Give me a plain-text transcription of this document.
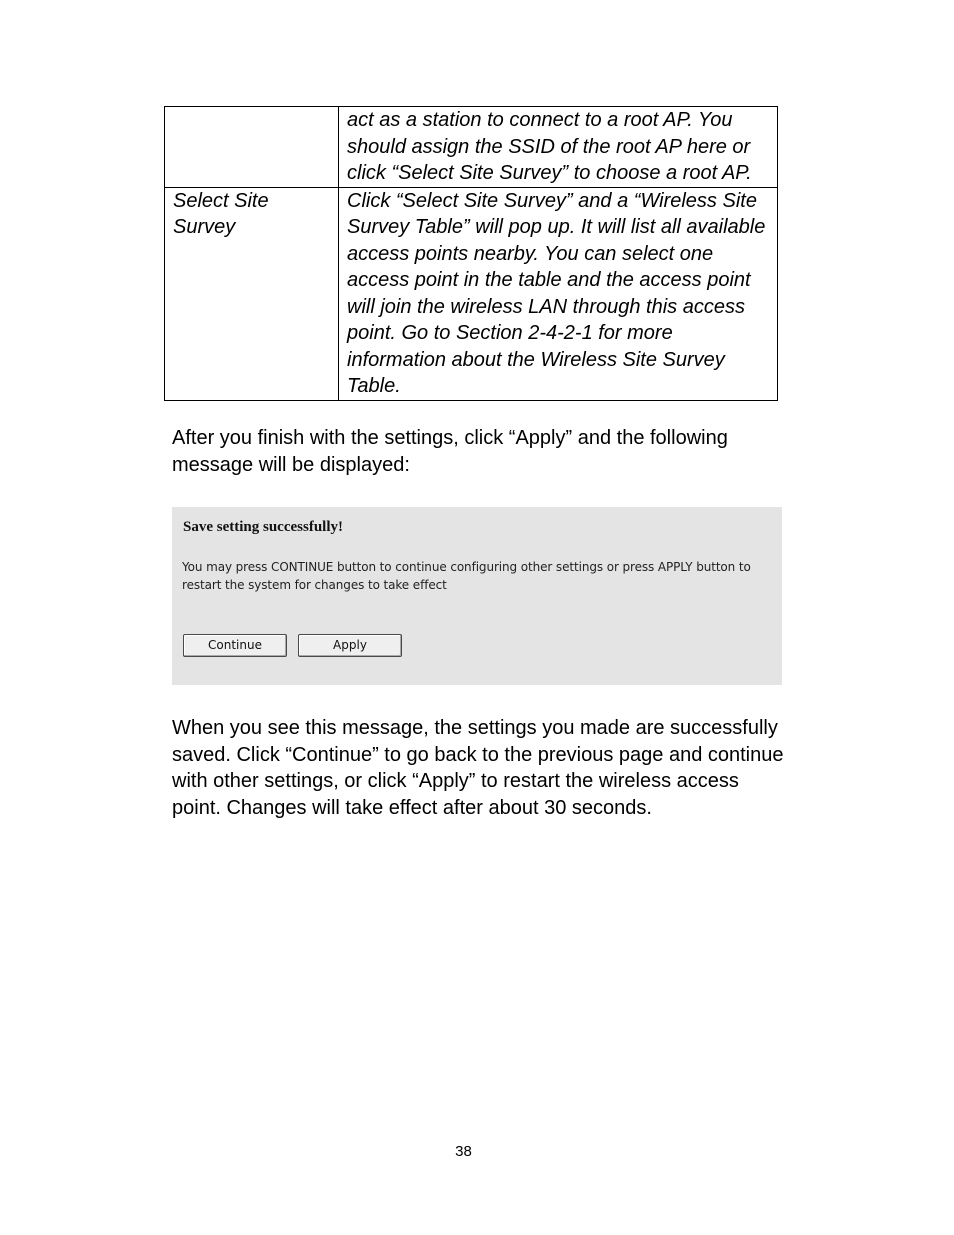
	act as a station to connect to a root AP. You should assign the SSID of the root AP here or click “Select Site Survey” to choose a root AP.
Select Site Survey	Click “Select Site Survey” and a “Wireless Site Survey Table” will pop up. It will list all available access points nearby. You can select one access point in the table and the access point will join the wireless LAN through this access point. Go to Section 2-4-2-1 for more information about the Wireless Site Survey Table.

After you finish with the settings, click “Apply” and the following message will be displayed:

Save setting successfully!
You may press CONTINUE button to continue configuring other settings or press APPLY button to restart the system for changes to take effect
Continue	Apply

When you see this message, the settings you made are successfully saved. Click “Continue” to go back to the previous page and continue with other settings, or click “Apply” to restart the wireless access point. Changes will take effect after about 30 seconds.

38
